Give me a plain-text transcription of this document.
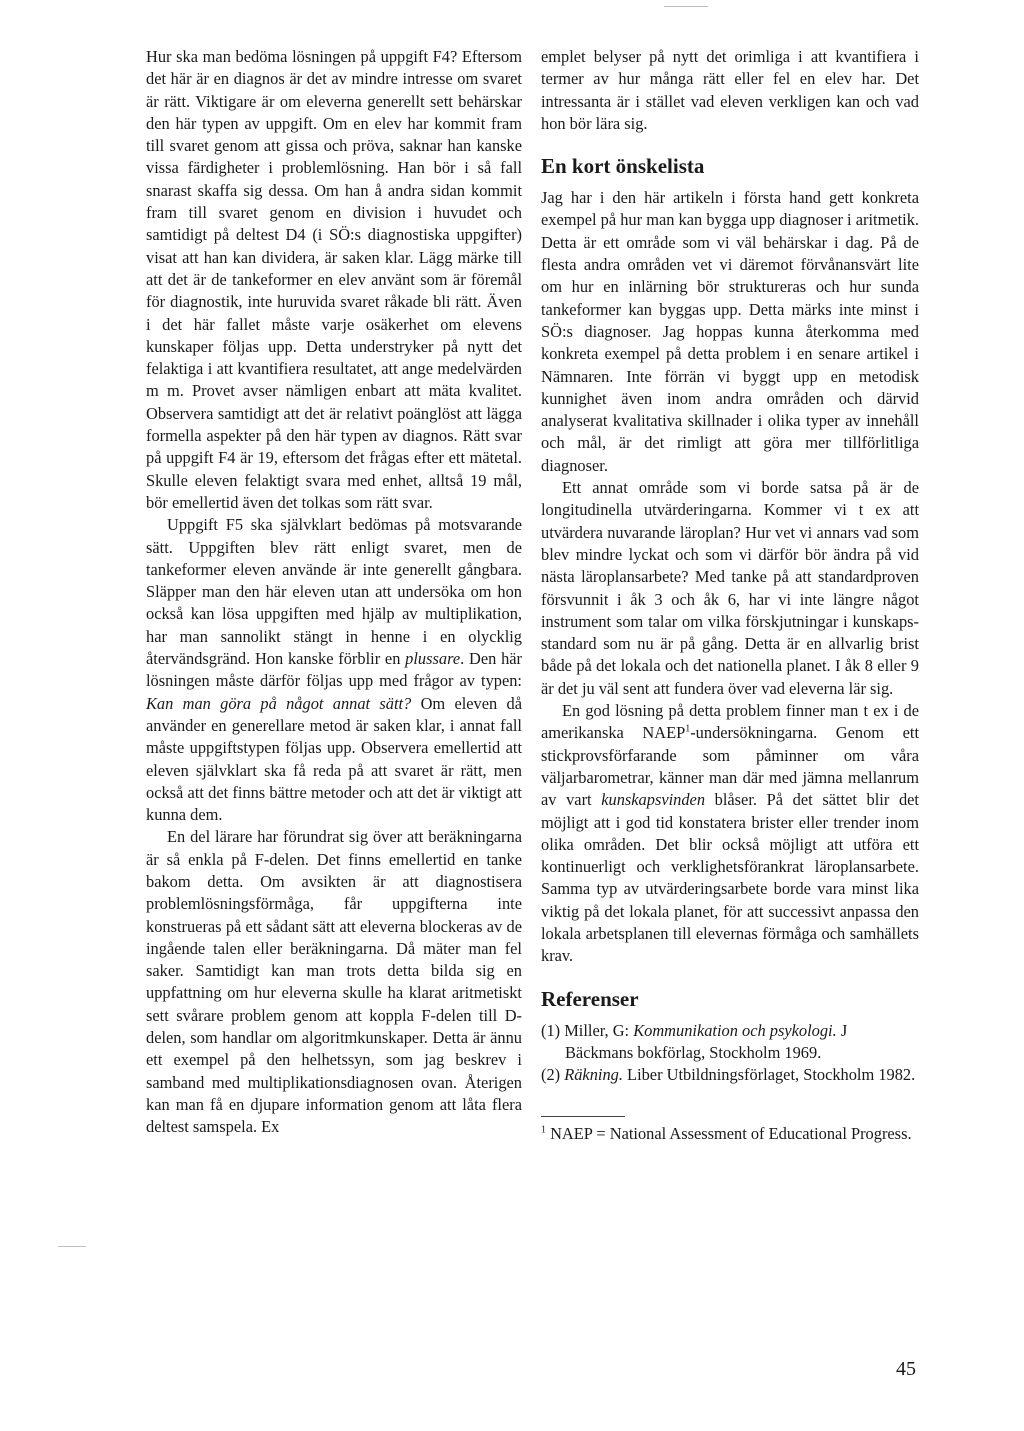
Hur ska man bedöma lösningen på uppgift F4? Eftersom det här är en diagnos är det av mindre intresse om svaret är rätt. Viktigare är om eleverna generellt sett behärskar den här typen av uppgift. Om en elev har kommit fram till svaret genom att gissa och pröva, saknar han kanske vissa färdigheter i problemlösning. Han bör i så fall snarast skaffa sig dessa. Om han å andra sidan kommit fram till svaret genom en division i huvudet och samtidigt på deltest D4 (i SÖ:s diagnostiska uppgifter) visat att han kan dividera, är saken klar. Lägg märke till att det är de tankeformer en elev använt som är föremål för diagnostik, inte huruvida svaret råkade bli rätt. Även i det här fallet måste varje osäkerhet om elevens kunskaper följas upp. Detta understryker på nytt det felaktiga i att kvantifiera resultatet, att ange medelvärden m m. Provet avser nämligen enbart att mäta kvalitet. Observera samtidigt att det är relativt poänglöst att lägga formella aspekter på den här typen av diagnos. Rätt svar på uppgift F4 är 19, eftersom det frågas efter ett mätetal. Skulle eleven felaktigt svara med enhet, alltså 19 mål, bör emellertid även det tolkas som rätt svar.

Uppgift F5 ska självklart bedömas på motsvarande sätt. Uppgiften blev rätt enligt svaret, men de tankeformer eleven använde är inte generellt gångbara. Släpper man den här eleven utan att undersöka om hon också kan lösa uppgiften med hjälp av multiplikation, har man sannolikt stängt in henne i en olycklig återvändsgränd. Hon kanske förblir en plussare. Den här lösningen måste därför följas upp med frågor av typen: Kan man göra på något annat sätt? Om eleven då använder en generellare metod är saken klar, i annat fall måste uppgiftstypen följas upp. Observera emellertid att eleven självklart ska få reda på att svaret är rätt, men också att det finns bättre metoder och att det är viktigt att kunna dem.

En del lärare har förundrat sig över att beräkningarna är så enkla på F-delen. Det finns emellertid en tanke bakom detta. Om avsikten är att diagnostisera problemlösningsförmåga, får uppgifterna inte konstrueras på ett sådant sätt att eleverna blockeras av de ingående talen eller beräkningarna. Då mäter man fel saker. Samtidigt kan man trots detta bilda sig en uppfattning om hur eleverna skulle ha klarat aritmetiskt sett svårare problem genom att koppla F-delen till Ddelen, som handlar om algoritmkunskaper. Detta är ännu ett exempel på den helhetssyn, som jag beskrev i samband med multiplikationsdiagnosen ovan. Återigen kan man få en djupare information genom att låta flera deltest samspela. Ex

emplet belyser på nytt det orimliga i att kvantifiera i termer av hur många rätt eller fel en elev har. Det intressanta är i stället vad eleven verkligen kan och vad hon bör lära sig.

En kort önskelista

Jag har i den här artikeln i första hand gett konkreta exempel på hur man kan bygga upp diagnoser i aritmetik. Detta är ett område som vi väl behärskar i dag. På de flesta andra områden vet vi däremot förvånansvärt lite om hur en inlärning bör struktureras och hur sunda tankeformer kan byggas upp. Detta märks inte minst i SÖ:s diagnoser. Jag hoppas kunna återkomma med konkreta exempel på detta problem i en senare artikel i Nämnaren. Inte förrän vi byggt upp en metodisk kunnighet även inom andra områden och därvid analyserat kvalitativa skillnader i olika typer av innehåll och mål, är det rimligt att göra mer tillförlitliga diagnoser.

Ett annat område som vi borde satsa på är de longitudinella utvärderingarna. Kommer vi t ex att utvärdera nuvarande läroplan? Hur vet vi annars vad som blev mindre lyckat och som vi därför bör ändra på vid nästa läroplansarbete? Med tanke på att standardproven försvunnit i åk 3 och åk 6, har vi inte längre något instrument som talar om vilka förskjutningar i kunskapsstandard som nu är på gång. Detta är en allvarlig brist både på det lokala och det nationella planet. I åk 8 eller 9 är det ju väl sent att fundera över vad eleverna lär sig.

En god lösning på detta problem finner man t ex i de amerikanska NAEP$^1$-undersökningarna. Genom ett stickprovsförfarande som påminner om våra väljarbarometrar, känner man där med jämna mellanrum av vart kunskapsvinden blåser. På det sättet blir det möjligt att i god tid konstatera brister eller trender inom olika områden. Det blir också möjligt att utföra ett kontinuerligt och verklighetsförankrat läroplansarbete. Samma typ av utvärderingsarbete borde vara minst lika viktig på det lokala planet, för att successivt anpassa den lokala arbetsplanen till elevernas förmåga och samhällets krav.

Referenser
(1) Miller, G: Kommunikation och psykologi. J Bäckmans bokförlag, Stockholm 1969.
(2) Räkning. Liber Utbildningsförlaget, Stockholm 1982.

$^1$ NAEP = National Assessment of Educational Progress.

45
